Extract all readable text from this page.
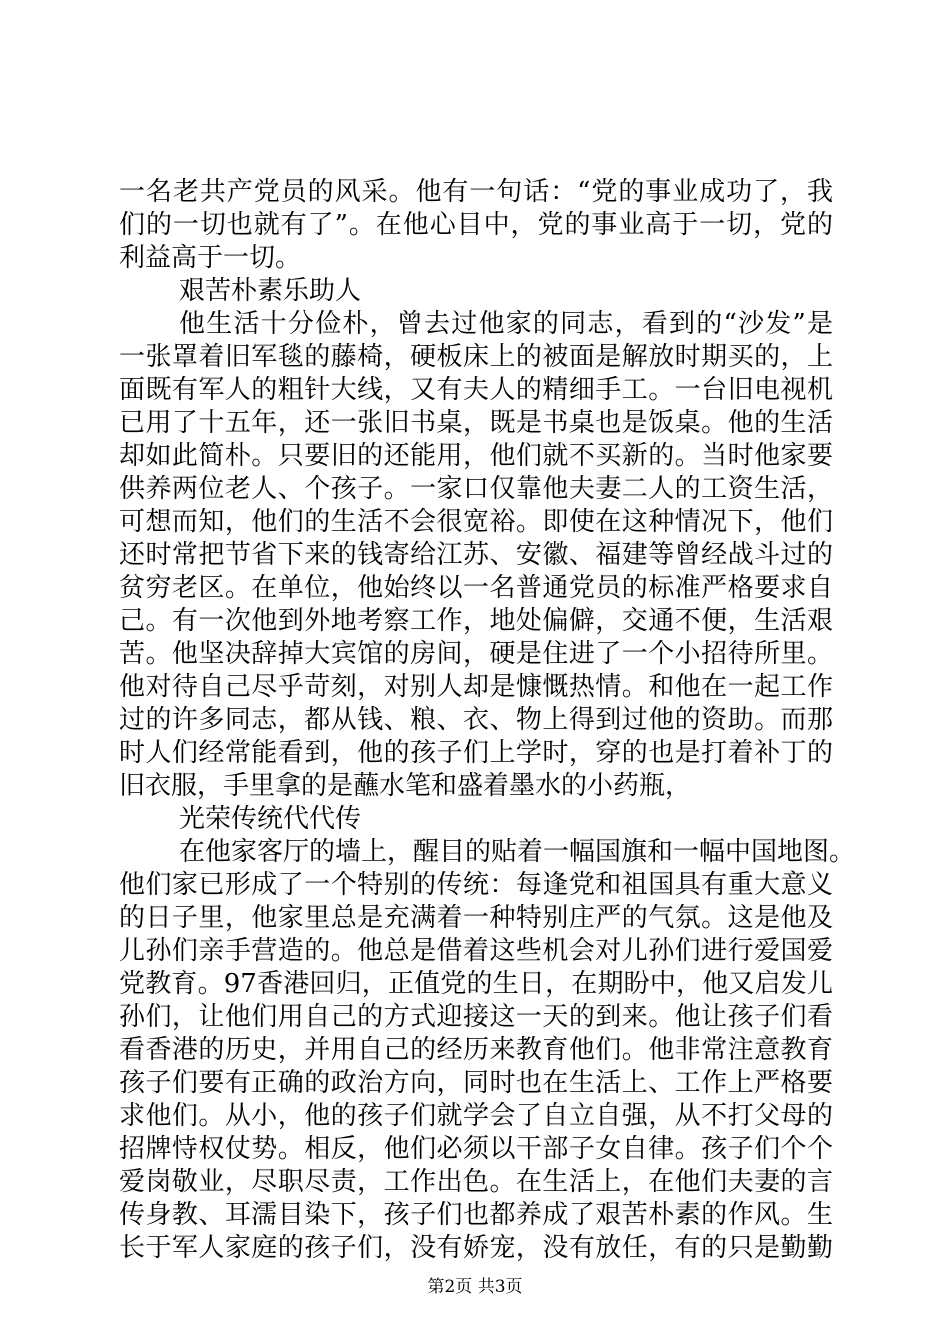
一名老共产党员的风采。他有一句话：“党的事业成功了，我
们的一切也就有了”。在他心目中，党的事业高于一切，党的
利益高于一切。
艰苦朴素乐助人
他生活十分俭朴，曾去过他家的同志，看到的“沙发”是
一张罩着旧军毯的藤椅，硬板床上的被面是解放时期买的，上
面既有军人的粗针大线，又有夫人的精细手工。一台旧电视机
已用了十五年，还一张旧书桌，既是书桌也是饭桌。他的生活
却如此简朴。只要旧的还能用，他们就不买新的。当时他家要
供养两位老人、个孩子。一家口仅靠他夫妻二人的工资生活，
可想而知，他们的生活不会很宽裕。即使在这种情况下，他们
还时常把节省下来的钱寄给江苏、安徽、福建等曾经战斗过的
贫穷老区。在单位，他始终以一名普通党员的标准严格要求自
己。有一次他到外地考察工作，地处偏僻，交通不便，生活艰
苦。他坚决辞掉大宾馆的房间，硬是住进了一个小招待所里。
他对待自己尽乎苛刻，对别人却是慷慨热情。和他在一起工作
过的许多同志，都从钱、粮、衣、物上得到过他的资助。而那
时人们经常能看到，他的孩子们上学时，穿的也是打着补丁的
旧衣服，手里拿的是蘸水笔和盛着墨水的小药瓶，
光荣传统代代传
在他家客厅的墙上，醒目的贴着一幅国旗和一幅中国地图。
他们家已形成了一个特别的传统：每逢党和祖国具有重大意义
的日子里，他家里总是充满着一种特别庄严的气氛。这是他及
儿孙们亲手营造的。他总是借着这些机会对儿孙们进行爱国爱
党教育。97香港回归，正值党的生日，在期盼中，他又启发儿
孙们，让他们用自己的方式迎接这一天的到来。他让孩子们看
看香港的历史，并用自己的经历来教育他们。他非常注意教育
孩子们要有正确的政治方向，同时也在生活上、工作上严格要
求他们。从小，他的孩子们就学会了自立自强，从不打父母的
招牌恃权仗势。相反，他们必须以干部子女自律。孩子们个个
爱岗敬业，尽职尽责，工作出色。在生活上，在他们夫妻的言
传身教、耳濡目染下，孩子们也都养成了艰苦朴素的作风。生
长于军人家庭的孩子们，没有娇宠，没有放任，有的只是勤勤
第2页 共3页
